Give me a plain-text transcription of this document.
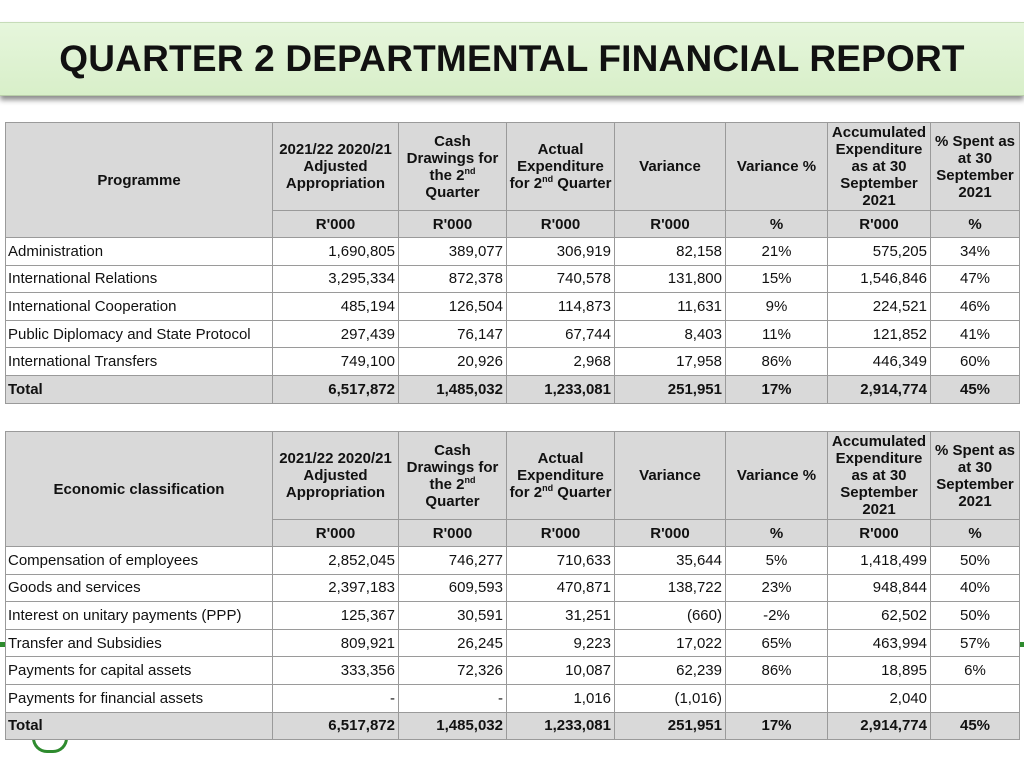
QUARTER 2 DEPARTMENTAL FINANCIAL REPORT
Programme	2021/22 2020/21 Adjusted Appropriation	Cash Drawings for the 2nd Quarter	Actual Expenditure for 2nd Quarter	Variance	Variance %	Accumulated Expenditure as at 30 September 2021	% Spent as at 30 September 2021
	R'000	R'000	R'000	R'000	%	R'000	%
Administration	1,690,805	389,077	306,919	82,158	21%	575,205	34%
International Relations	3,295,334	872,378	740,578	131,800	15%	1,546,846	47%
International Cooperation	485,194	126,504	114,873	11,631	9%	224,521	46%
Public Diplomacy and State Protocol	297,439	76,147	67,744	8,403	11%	121,852	41%
International Transfers	749,100	20,926	2,968	17,958	86%	446,349	60%
Total	6,517,872	1,485,032	1,233,081	251,951	17%	2,914,774	45%
Economic classification	2021/22 2020/21 Adjusted Appropriation	Cash Drawings for the 2nd Quarter	Actual Expenditure for 2nd Quarter	Variance	Variance %	Accumulated Expenditure as at 30 September 2021	% Spent as at 30 September 2021
	R'000	R'000	R'000	R'000	%	R'000	%
Compensation of employees	2,852,045	746,277	710,633	35,644	5%	1,418,499	50%
Goods and services	2,397,183	609,593	470,871	138,722	23%	948,844	40%
Interest on unitary payments (PPP)	125,367	30,591	31,251	(660)	-2%	62,502	50%
Transfer and Subsidies	809,921	26,245	9,223	17,022	65%	463,994	57%
Payments for capital assets	333,356	72,326	10,087	62,239	86%	18,895	6%
Payments for financial assets	-	-	1,016	(1,016)		2,040	
Total	6,517,872	1,485,032	1,233,081	251,951	17%	2,914,774	45%
